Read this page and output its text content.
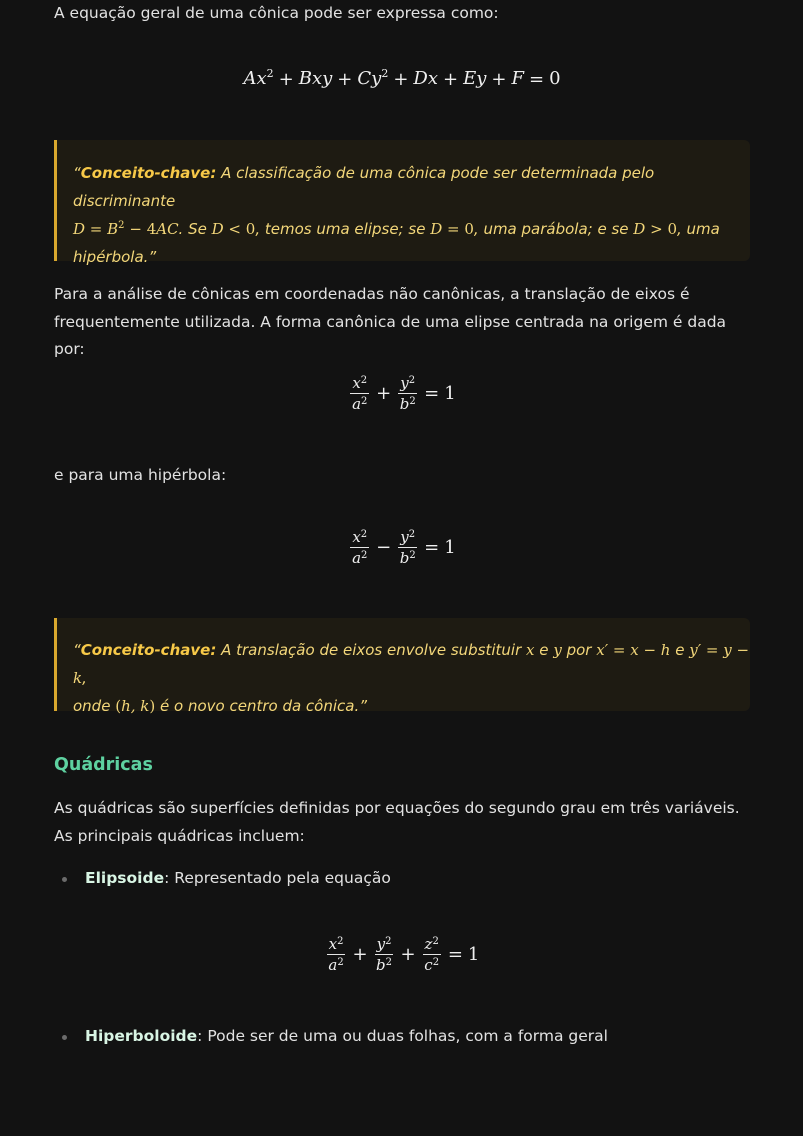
A equação geral de uma cônica pode ser expressa como:

$Ax^2$ + Bxy + $Cy^2 + Dx + Ey + F = 0$
“Conceito-chave: A classificação de uma cônica pode ser determinada pelo discriminante
$D = B^2 - 4AC$. Se D < 0, temos uma elipse; se D = 0, uma parábola; e se D > 0, uma
hipérbola.”

Para a análise de cônicas em coordenadas não canônicas, a translação de eixos é frequentemente utilizada. A forma canônica de uma elipse centrada na origem é dada por:

$\frac{x^2}{a^2} + \frac{y^2}{b^2} = 1$

e para uma hipérbola:

$\frac{x^2}{a^2} - \frac{y^2}{b^2} = 1$
“Conceito-chave: A translação de eixos envolve substituir x e y por x′ = x − h e y′ = y − k,
onde (h, k) é o novo centro da cônica.”
Quádricas

As quádricas são superfícies definidas por equações do segundo grau em três variáveis. As principais quádricas incluem:

Elipsoide: Representado pela equação
$\frac{x^2}{a^2} + \frac{y^2}{b^2} + \frac{z^2}{c^2} = 1$
Hiperboloide: Pode ser de uma ou duas folhas, com a forma geral
